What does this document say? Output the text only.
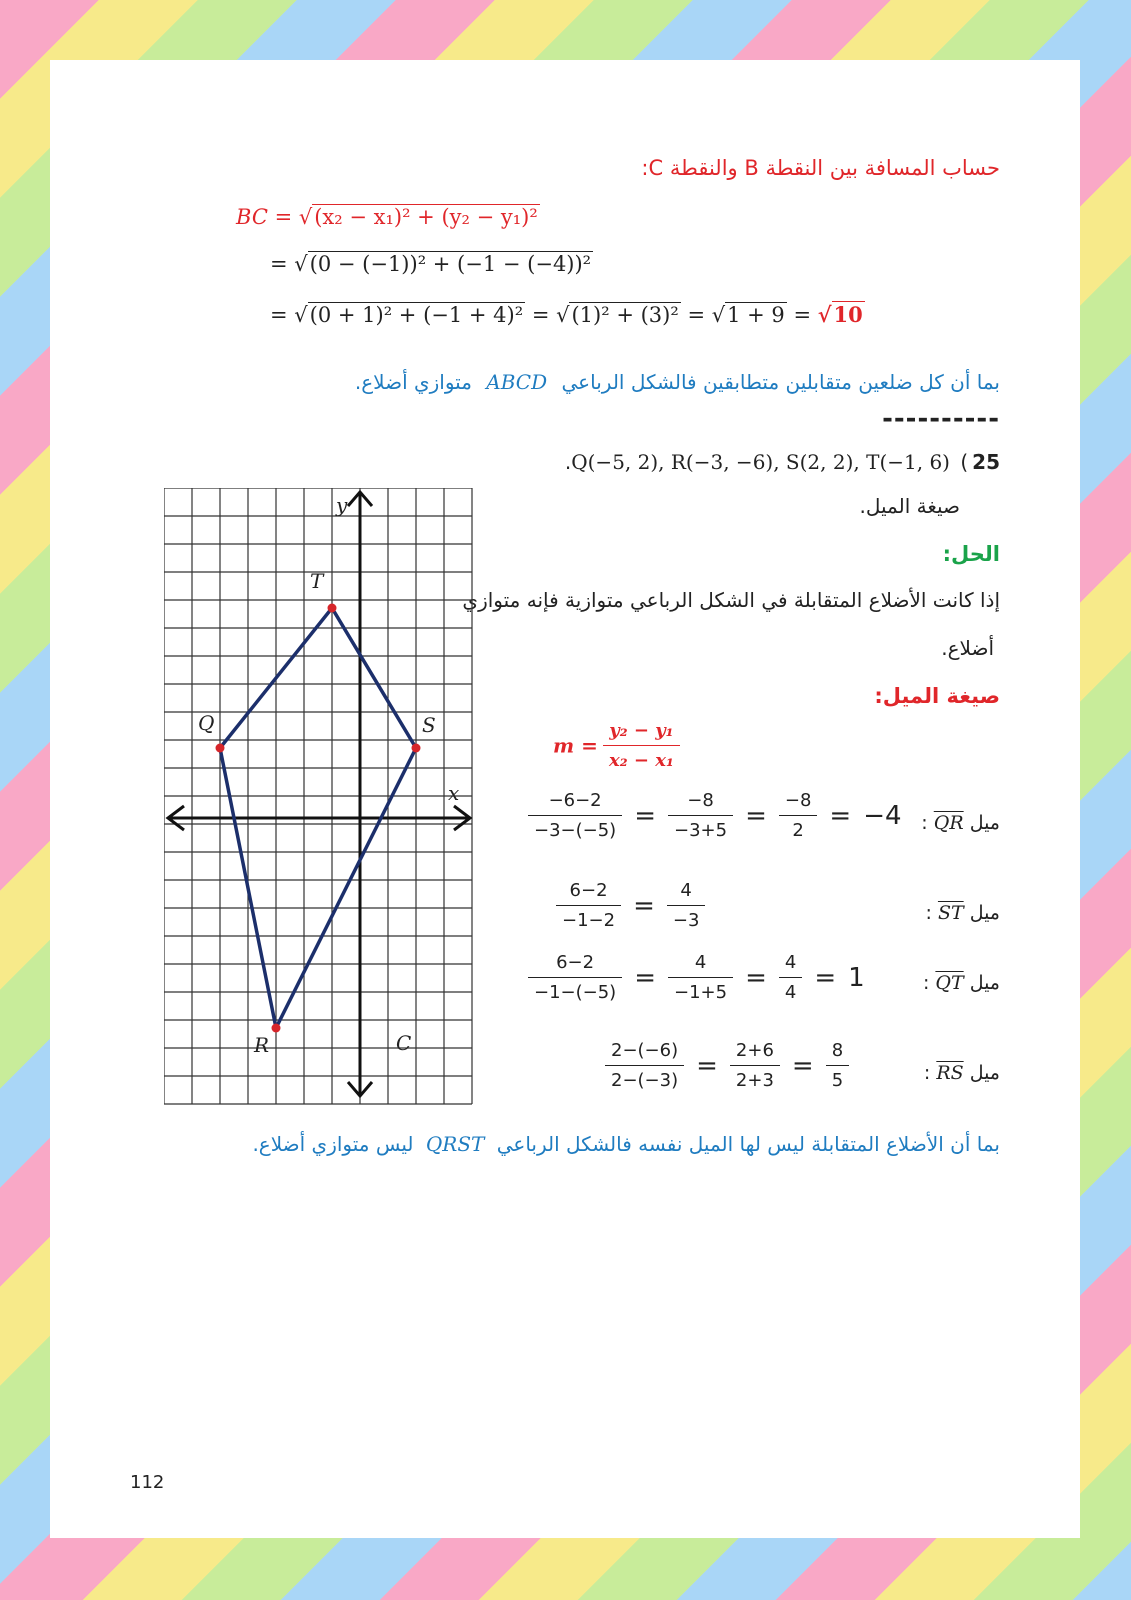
حساب المسافة بين النقطة B والنقطة C:
BC = √(x₂ − x₁)² + (y₂ − y₁)²
= √(0 − (−1))² + (−1 − (−4))²
= √(0 + 1)² + (−1 + 4)² = √(1)² + (3)² = √1 + 9 = √10
بما أن كل ضلعين متقابلين متطابقين فالشكل الرباعي ABCD متوازي أضلاع.
----------
25) Q(−5, 2), R(−3, −6), S(2, 2), T(−1, 6).
صيغة الميل.
الحل:
إذا كانت الأضلاع المتقابلة في الشكل الرباعي متوازية فإنه متوازي
أضلاع.
صيغة الميل:
$m = \frac{\text{y₂ − y₁}}{\text{x₂ − x₁}}$
ميل QR :
$\frac{-6-2}{-3-(-5)} = \frac{-8}{-3+5} = \frac{-8}{2} = -4$
ميل ST :
$\frac{6-2}{-1-2} = \frac{4}{-3}$
ميل QT :
$\frac{6-2}{-1-(-5)} = \frac{4}{-1+5} = \frac{4}{4} = 1$
ميل RS :
$\frac{2-(-6)}{2-(-3)} = \frac{2+6}{2+3} = \frac{8}{5}$
بما أن الأضلاع المتقابلة ليس لها الميل نفسه فالشكل الرباعي QRST ليس متوازي أضلاع.
112
x
y
T
Q	S
R	C
